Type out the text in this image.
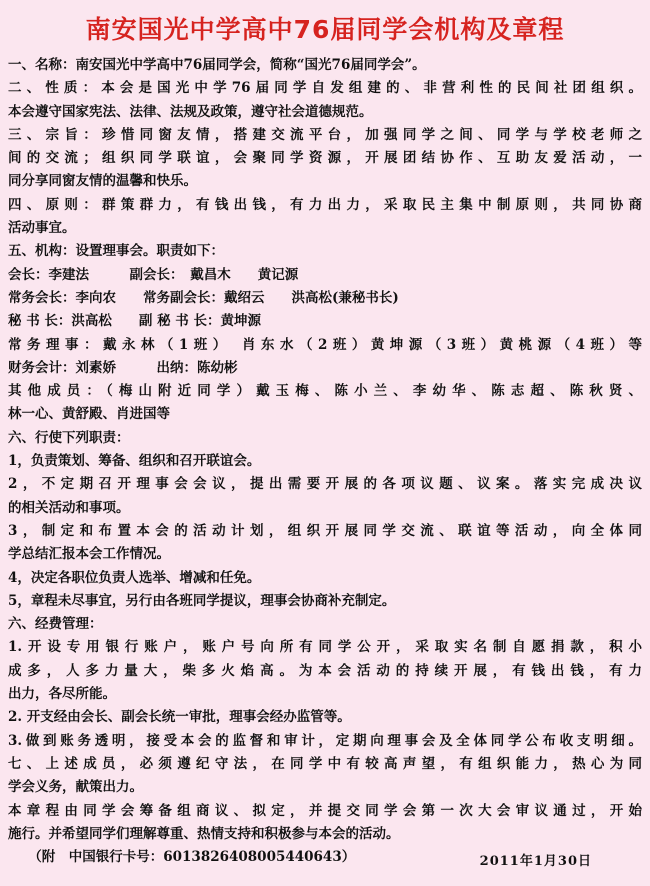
南安国光中学高中76届同学会机构及章程
一、名称：南安国光中学高中76届同学会，简称“国光76届同学会”。
二、性质：本会是国光中学76届同学自发组建的、非营利性的民间社团组织。
本会遵守国家宪法、法律、法规及政策，遵守社会道德规范。
三、宗旨：珍惜同窗友情，搭建交流平台，加强同学之间、同学与学校老师之
间的交流；组织同学联谊，会聚同学资源，开展团结协作、互助友爱活动，一
同分享同窗友情的温馨和快乐。
四、原则：群策群力，有钱出钱，有力出力，采取民主集中制原则，共同协商
活动事宜。
五、机构：设置理事会。职责如下：
会长：李建法　　　副会长：　戴昌木　　黄记源
常务会长：李向农　　常务副会长：戴绍云　　洪高松(兼秘书长)
秘 书 长：洪高松　　副 秘 书 长：黄坤源
常务理事：戴永林（1班） 肖东水（2班）黄坤源（3班）黄桃源（4班）等
财务会计：刘素娇　　　出纳：陈幼彬
其他成员：（梅山附近同学）戴玉梅、陈小兰、李幼华、陈志超、陈秋贤、
林一心、黄舒殿、肖进国等
六、行使下列职责：
1，负责策划、筹备、组织和召开联谊会。
2，不定期召开理事会会议，提出需要开展的各项议题、议案。落实完成决议
的相关活动和事项。
3，制定和布置本会的活动计划，组织开展同学交流、联谊等活动，向全体同
学总结汇报本会工作情况。
4，决定各职位负责人选举、增减和任免。
5，章程未尽事宜，另行由各班同学提议，理事会协商补充制定。
六、经费管理：
1.开设专用银行账户，账户号向所有同学公开，采取实名制自愿捐款，积小
成多，人多力量大，柴多火焰高。为本会活动的持续开展，有钱出钱，有力
出力，各尽所能。
2. 开支经由会长、副会长统一审批，理事会经办监管等。
3.做到账务透明，接受本会的监督和审计，定期向理事会及全体同学公布收支明细。
七、上述成员，必须遵纪守法，在同学中有较高声望，有组织能力，热心为同
学会义务，献策出力。
本章程由同学会筹备组商议、拟定，并提交同学会第一次大会审议通过，开始
施行。并希望同学们理解尊重、热情支持和积极参与本会的活动。
　　（附　中国银行卡号：6013826408005440643）	2011年1月30日
